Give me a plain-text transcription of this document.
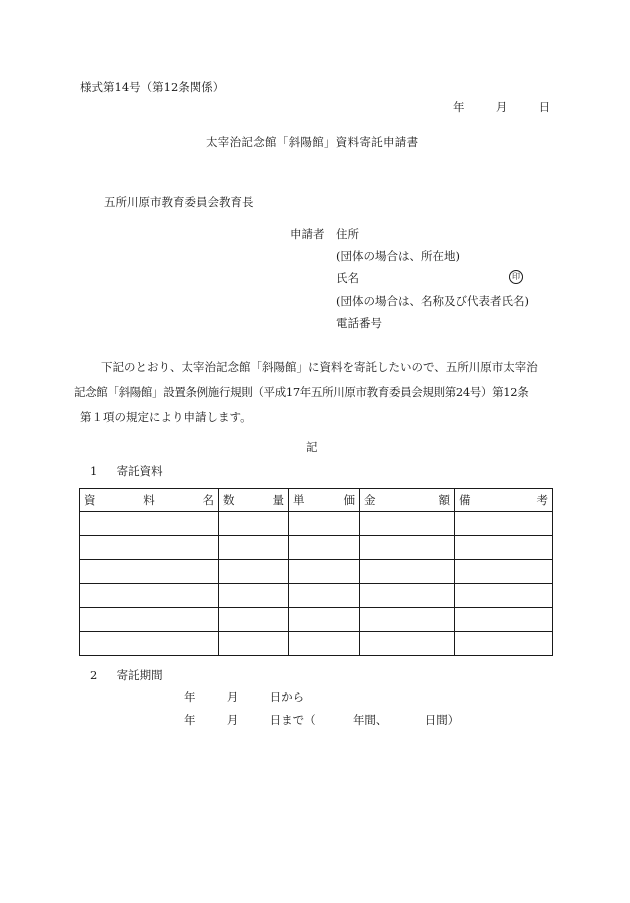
様式第14号（第12条関係）
年	月	日
太宰治記念館「斜陽館」資料寄託申請書
五所川原市教育委員会教育長
申請者 住所
(団体の場合は、所在地)
氏名	印
(団体の場合は、名称及び代表者氏名)
電話番号
下記のとおり、太宰治記念館「斜陽館」に資料を寄託したいので、五所川原市太宰治
記念館「斜陽館」設置条例施行規則（平成17年五所川原市教育委員会規則第24号）第12条
第１項の規定により申請します。
記
1 寄託資料
資 料 名	数 量	単 価	金 額	備 考

2 寄託期間
年	月	日から
年	月	日まで（	年間、	日間）
